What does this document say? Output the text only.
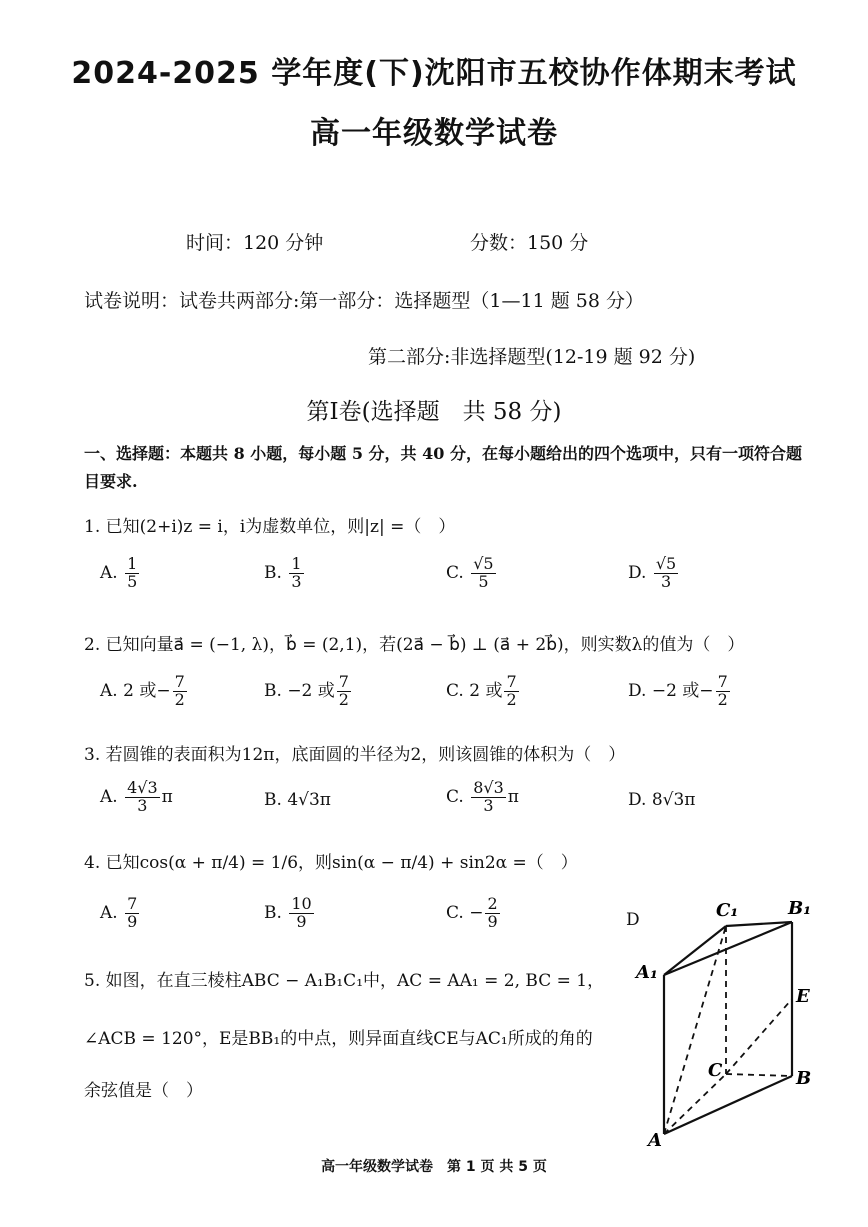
2024-2025 学年度(下)沈阳市五校协作体期末考试
高一年级数学试卷
时间：120 分钟	分数：150 分
试卷说明：试卷共两部分:第一部分：选择题型（1—11 题 58 分）
第二部分:非选择题型(12-19 题 92 分)
第Ⅰ卷(选择题　共 58 分)
一、选择题：本题共 8 小题，每小题 5 分，共 40 分，在每小题给出的四个选项中，只有一项符合题目要求.
1. 已知(2+i)z = i，i为虚数单位，则|z| =（　）
A. $\frac{1}{5}$	B. $\frac{1}{3}$	C. $\frac{√5}{5}$	D. $\frac{√5}{3}$
2. 已知向量a⃗ = (−1, λ)，b⃗ = (2,1)，若(2a⃗ − b⃗) ⊥ (a⃗ + 2b⃗)，则实数λ的值为（　）
A. 2 或− $\frac{7}{2}$	B. −2 或 $\frac{7}{2}$	C. 2 或 $\frac{7}{2}$	D. −2 或− $\frac{7}{2}$
3. 若圆锥的表面积为12π，底面圆的半径为2，则该圆锥的体积为（　）
A. $\frac{4√3}{3}$ π	B. 4√3π	C. $\frac{8√3}{3}$ π	D. 8√3π
4. 已知cos(α + π/4) = 1/6，则sin(α − π/4) + sin2α =（　）
A. $\frac{7}{9}$	B. $\frac{10}{9}$	C. − $\frac{2}{9}$	D
5. 如图，在直三棱柱ABC − A₁B₁C₁中，AC = AA₁ = 2, BC = 1，
∠ACB = 120°，E是BB₁的中点，则异面直线CE与AC₁所成的角的
余弦值是（　）
C₁	B₁
A₁
E
C	B
A
高一年级数学试卷　第 1 页 共 5 页
